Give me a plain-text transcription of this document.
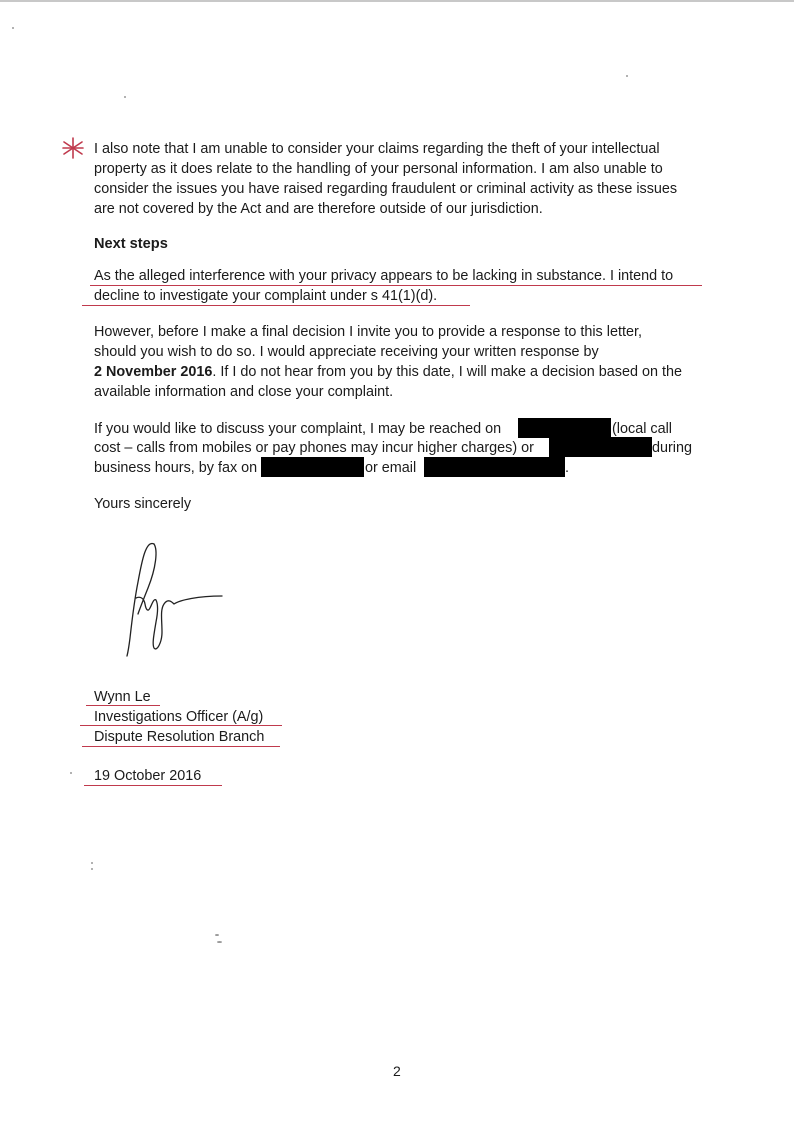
I also note that I am unable to consider your claims regarding the theft of your intellectual
property as it does relate to the handling of your personal information. I am also unable to
consider the issues you have raised regarding fraudulent or criminal activity as these issues
are not covered by the Act and are therefore outside of our jurisdiction.
Next steps
As the alleged interference with your privacy appears to be lacking in substance. I intend to
decline to investigate your complaint under s 41(1)(d).
However, before I make a final decision I invite you to provide a response to this letter,
should you wish to do so. I would appreciate receiving your written response by
2 November 2016. If I do not hear from you by this date, I will make a decision based on the
available information and close your complaint.
If you would like to discuss your complaint, I may be reached on	(local call
cost – calls from mobiles or pay phones may incur higher charges) or	during
business hours, by fax on	or email	.
Yours sincerely
Wynn Le
Investigations Officer (A/g)
Dispute Resolution Branch
19 October 2016
2
